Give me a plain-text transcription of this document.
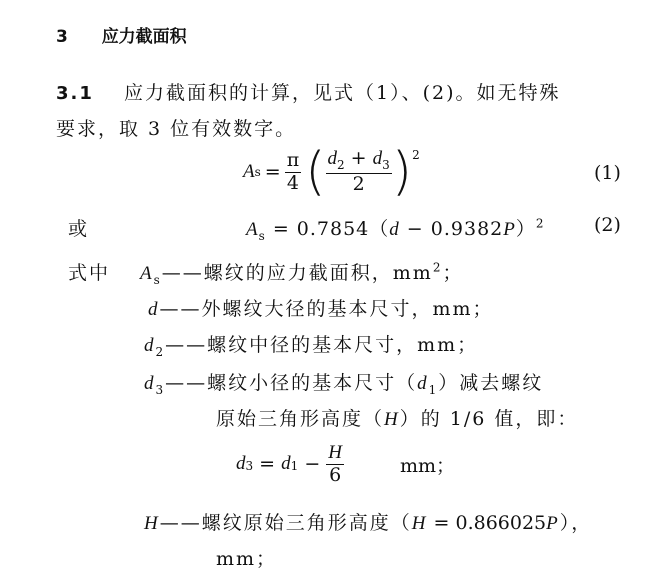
3 应力截面积
3.1 应力截面积的计算，见式（1）、(2)。如无特殊
要求，取 3 位有效数字。
A $s = \frac{\pi}{4}$ ( $\frac{d_2 + d_3}{2} )^2$
(1)
或	$A_s = 0.7854(d - 0.9382P)^2$	(2)
式中 $A_s——$螺纹的应力截面积，$mm^2$；
d——外螺纹大径的基本尺寸，mm；
$d_2——$螺纹中径的基本尺寸，mm；
$d_3——$螺纹小径的基本尺寸$(d_1)$减去螺纹
原始三角形高度（H）的 1/6 值，即：
d 3 = d $1 - \frac{H}{6}$	mm；
H——螺纹原始三角形高度（H = 0.866025P），
mm；
